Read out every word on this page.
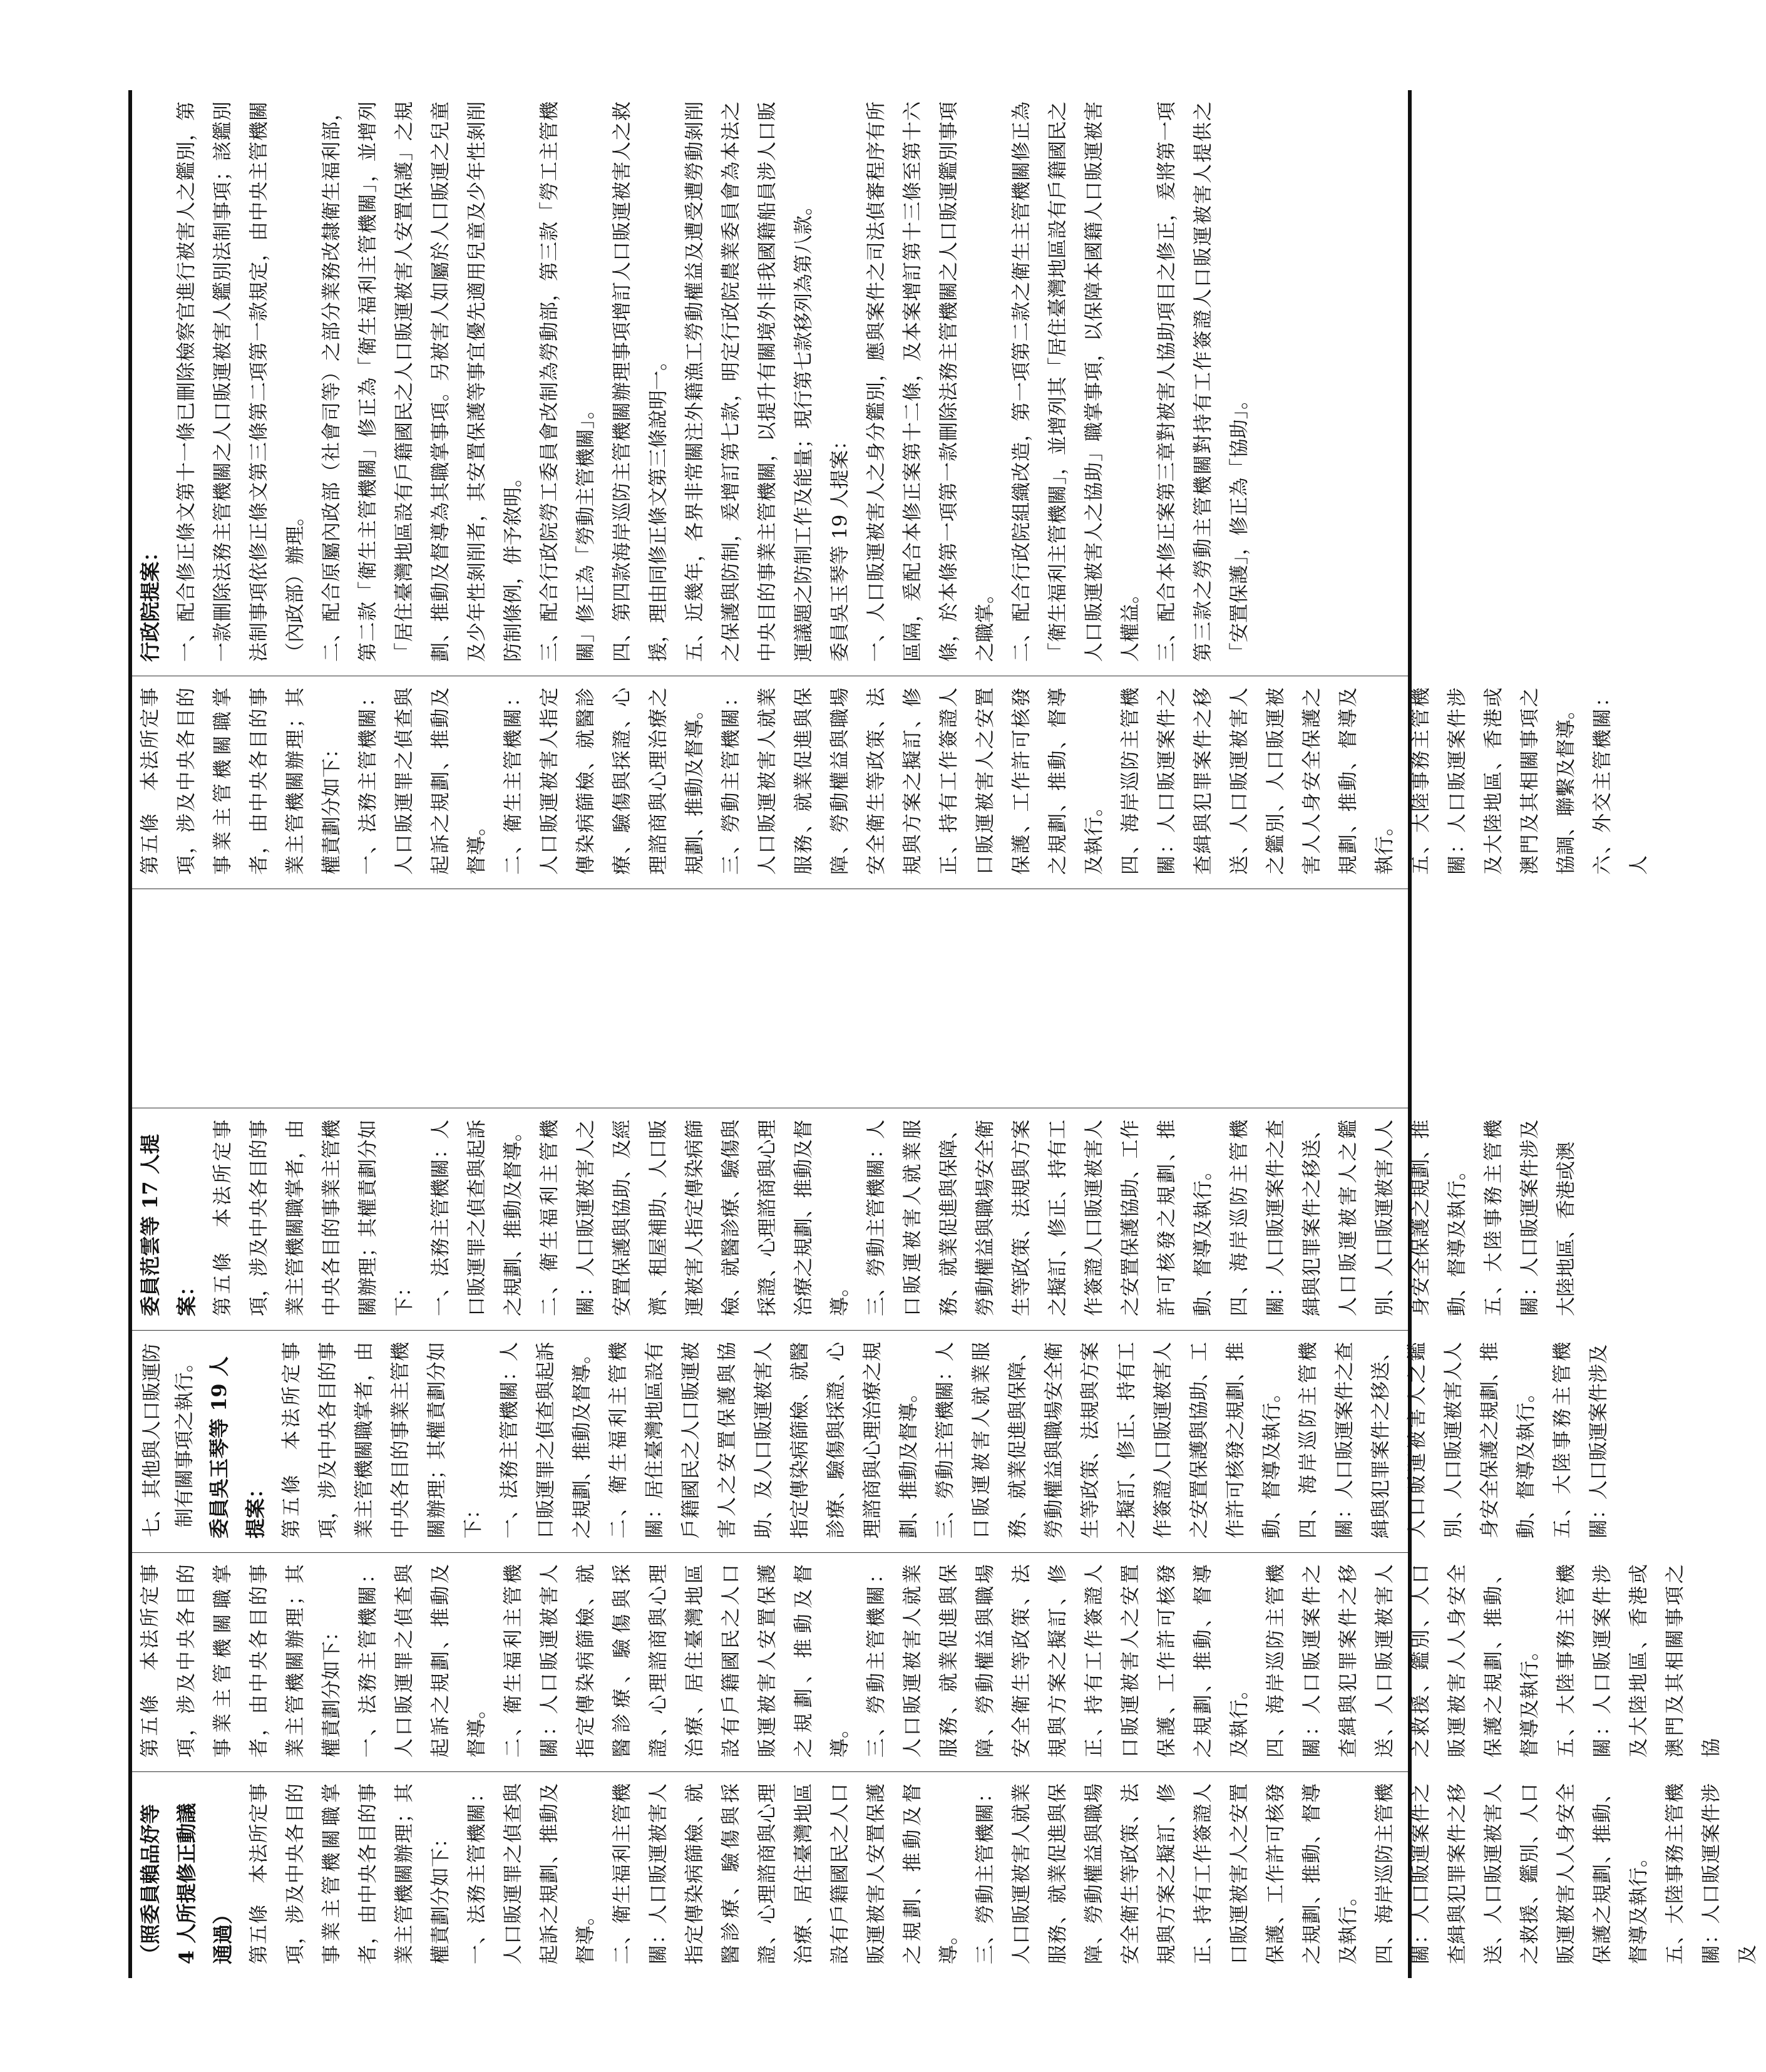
（照委員賴品妤等 4 人所提修正動議通過） 第五條　本法所定事項，涉及中央各目的事業主管機關職掌者，由中央各目的事業主管機關辦理；其權責劃分如下：
一、法務主管機關：人口販運罪之偵查與起訴之規劃、推動及督導。
二、衛生福利主管機關：人口販運被害人指定傳染病篩檢、就醫診療、驗傷與採證、心理諮商與心理治療、居住臺灣地區設有戶籍國民之人口販運被害人安置保護之規劃、推動及督導。
三、勞動主管機關：人口販運被害人就業服務、就業促進與保障、勞動權益與職場安全衛生等政策、法規與方案之擬訂、修正、持有工作簽證人口販運被害人之安置保護、工作許可核發之規劃、推動、督導及執行。
四、海岸巡防主管機關：人口販運案件之查緝與犯罪案件之移送、人口販運被害人之救援、鑑別、人口販運被害人人身安全保護之規劃、推動、督導及執行。
五、大陸事務主管機關：人口販運案件涉及
第五條　本法所定事項，涉及中央各目的事業主管機關職掌者，由中央各目的事業主管機關辦理；其權責劃分如下：
一、法務主管機關：人口販運罪之偵查與起訴之規劃、推動及督導。
二、衛生福利主管機關：人口販運被害人指定傳染病篩檢、就醫診療、驗傷與採證、心理諮商與心理治療、居住臺灣地區設有戶籍國民之人口販運被害人安置保護之規劃、推動及督導。
三、勞動主管機關：人口販運被害人就業服務、就業促進與保障、勞動權益與職場安全衛生等政策、法規與方案之擬訂、修正、持有工作簽證人口販運被害人之安置保護、工作許可核發之規劃、推動、督導及執行。
四、海岸巡防主管機關：人口販運案件之查緝與犯罪案件之移送、人口販運被害人之救援、鑑別、人口販運被害人人身安全保護之規劃、推動、督導及執行。
五、大陸事務主管機關：人口販運案件涉及大陸地區、香港或澳門及其相關事項之協
七、其他與人口販運防制有關事項之執行。 委員吳玉琴等 19 人提案： 第五條　本法所定事項，涉及中央各目的事業主管機關職掌者，由中央各目的事業主管機關辦理；其權責劃分如下：
一、法務主管機關：人口販運罪之偵查與起訴之規劃、推動及督導。
二、衛生福利主管機關：居住臺灣地區設有戶籍國民之人口販運被害人之安置保護與協助、及人口販運被害人指定傳染病篩檢、就醫診療、驗傷與採證、心理諮商與心理治療之規劃、推動及督導。
三、勞動主管機關：人口販運被害人就業服務、就業促進與保障、勞動權益與職場安全衛生等政策、法規與方案之擬訂、修正、持有工作簽證人口販運被害人之安置保護與協助、工作許可核發之規劃、推動、督導及執行。
四、海岸巡防主管機關：人口販運案件之查緝與犯罪案件之移送、人口販運被害人之鑑別、人口販運被害人人身安全保護之規劃、推動、督導及執行。
五、大陸事務主管機關：人口販運案件涉及
委員范雲等 17 人提案： 第五條　本法所定事項，涉及中央各目的事業主管機關職掌者，由中央各目的事業主管機關辦理；其權責劃分如下：
一、法務主管機關：人口販運罪之偵查與起訴之規劃、推動及督導。
二、衛生福利主管機關：人口販運被害人之安置保護與協助、及經濟、租屋補助、人口販運被害人指定傳染病篩檢、就醫診療、驗傷與採證、心理諮商與心理治療之規劃、推動及督導。
三、勞動主管機關：人口販運被害人就業服務、就業促進與保障、勞動權益與職場安全衛生等政策、法規與方案之擬訂、修正、持有工作簽證人口販運被害人之安置保護協助、工作許可核發之規劃、推動、督導及執行。
四、海岸巡防主管機關：人口販運案件之查緝與犯罪案件之移送、人口販運被害人之鑑別、人口販運被害人人身安全保護之規劃、推動、督導及執行。
五、大陸事務主管機關：人口販運案件涉及大陸地區、香港或澳
第五條　本法所定事項，涉及中央各目的事業主管機關職掌者，由中央各目的事業主管機關辦理；其權責劃分如下：
一、法務主管機關：人口販運罪之偵查與起訴之規劃、推動及督導。
二、衛生主管機關：人口販運被害人指定傳染病篩檢、就醫診療、驗傷與採證、心理諮商與心理治療之規劃、推動及督導。
三、勞動主管機關：人口販運被害人就業服務、就業促進與保障、勞動權益與職場安全衛生等政策、法規與方案之擬訂、修正、持有工作簽證人口販運被害人之安置保護、工作許可核發之規劃、推動、督導及執行。
四、海岸巡防主管機關：人口販運案件之查緝與犯罪案件之移送、人口販運被害人之鑑別、人口販運被害人人身安全保護之規劃、推動、督導及執行。
五、大陸事務主管機關：人口販運案件涉及大陸地區、香港或澳門及其相關事項之協調、聯繫及督導。
六、外交主管機關：人
行政院提案： 一、配合修正條文第十一條已刪除檢察官進行被害人之鑑別，第一款刪除法務主管機關之人口販運被害人鑑別法制事項；該鑑別法制事項依修正條文第三條第二項第一款規定，由中央主管機關（內政部）辦理。
二、配合原屬內政部（社會司等）之部分業務改隸衛生福利部，第二款「衛生主管機關」修正為「衛生福利主管機關」，並增列「居住臺灣地區設有戶籍國民之人口販運被害人安置保護」之規劃、推動及督導為其職掌事項。另被害人如屬於人口販運之兒童及少年性剝削者，其安置保護等事宜優先適用兒童及少年性剝削防制條例，併予敘明。
三、配合行政院勞工委員會改制為勞動部，第三款「勞工主管機關」修正為「勞動主管機關」。
四、第四款海岸巡防主管機關辦理事項增訂人口販運被害人之救援，理由同修正條文第三條說明一。
五、近幾年，各界非常關注外籍漁工勞動權益及遭受遭勞動剝削之保護與防制，爰增訂第七款，明定行政院農業委員會為本法之中央目的事業主管機關，以提升有關境外非我國籍船員涉人口販運議題之防制工作及能量；現行第七款移列為第八款。
委員吳玉琴等 19 人提案：
一、人口販運被害人之身分鑑別，應與案件之司法偵審程序有所區隔，爰配合本修正案第十二條，及本案增訂第十三條至第十六條，於本條第一項第一款刪除法務主管機關之人口販運鑑別事項之職掌。
二、配合行政院組織改造，第一項第二款之衛生主管機關修正為「衛生福利主管機關」，並增列其「居住臺灣地區設有戶籍國民之人口販運被害人之協助」職掌事項，以保障本國籍人口販運被害人權益。
三、配合本修正案第三章對被害人協助項目之修正，爰將第一項第三款之勞動主管機關對持有工作簽證人口販運被害人提供之「安置保護」，修正為「協助」。
